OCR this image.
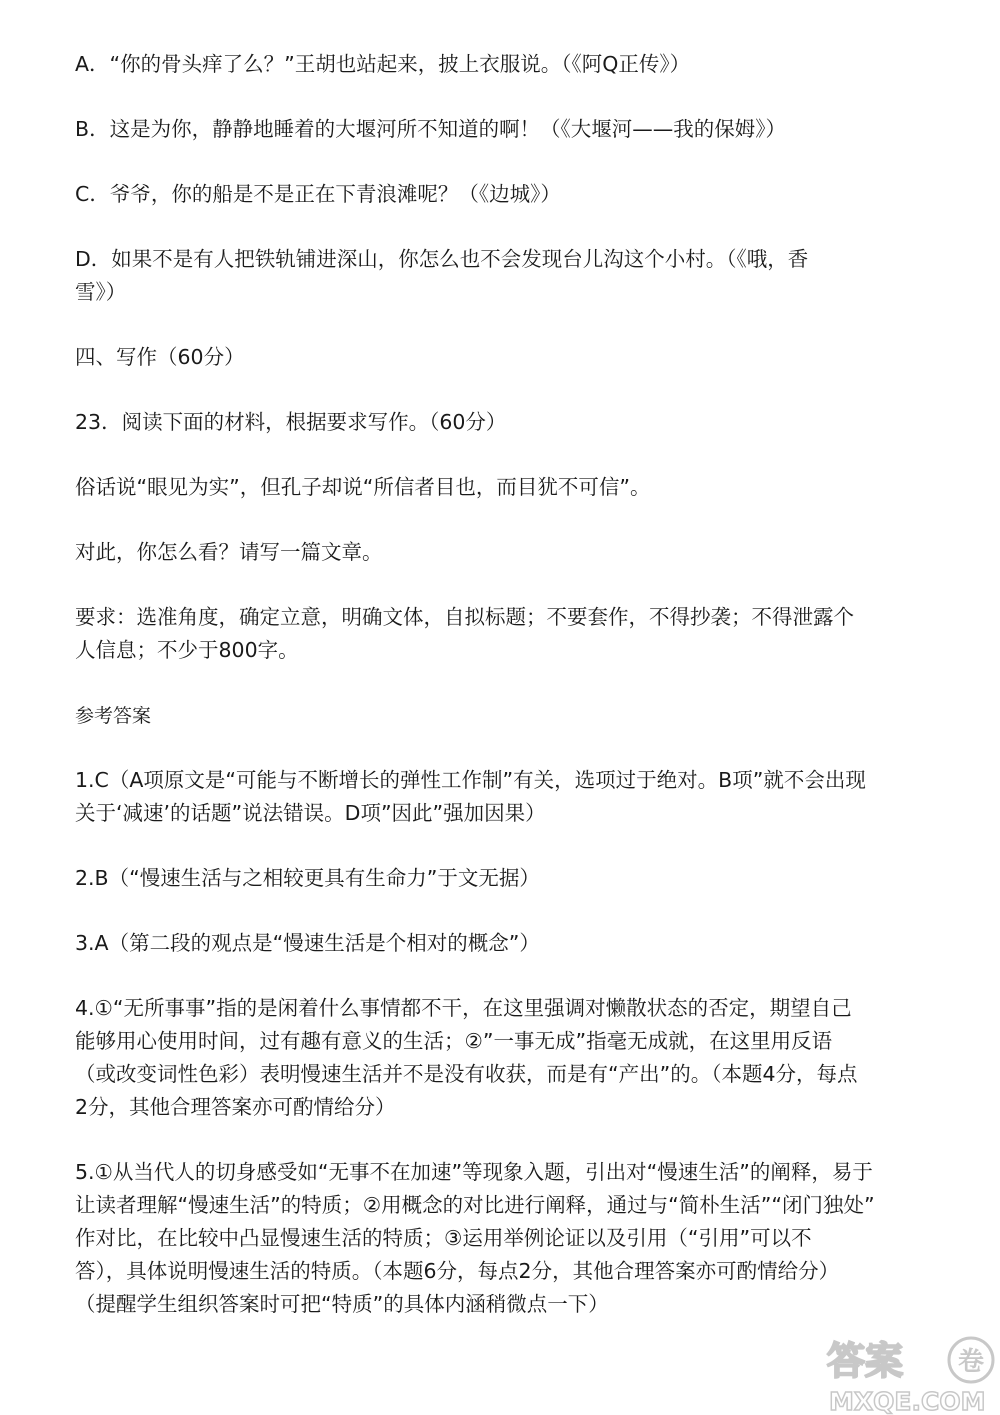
A．“你的骨头痒了么？”王胡也站起来，披上衣服说。（《阿Q正传》）
B．这是为你，静静地睡着的大堰河所不知道的啊！（《大堰河——我的保姆》）
C．爷爷，你的船是不是正在下青浪滩呢？（《边城》）
D．如果不是有人把铁轨铺进深山，你怎么也不会发现台儿沟这个小村。（《哦，香
雪》）
四、写作（60分）
23．阅读下面的材料，根据要求写作。（60分）
俗话说“眼见为实”，但孔子却说“所信者目也，而目犹不可信”。
对此，你怎么看？请写一篇文章。
要求：选准角度，确定立意，明确文体，自拟标题；不要套作，不得抄袭；不得泄露个
人信息；不少于800字。
参考答案
1.C（A项原文是“可能与不断增长的弹性工作制”有关，选项过于绝对。B项”就不会出现
关于‘减速’的话题”说法错误。D项”因此”强加因果）
2.B（“慢速生活与之相较更具有生命力”于文无据）
3.A（第二段的观点是“慢速生活是个相对的概念”）
4.①“无所事事”指的是闲着什么事情都不干，在这里强调对懒散状态的否定，期望自己
能够用心使用时间，过有趣有意义的生活；②”一事无成”指毫无成就，在这里用反语
（或改变词性色彩）表明慢速生活并不是没有收获，而是有“产出”的。（本题4分，每点
2分，其他合理答案亦可酌情给分）
5.①从当代人的切身感受如“无事不在加速”等现象入题，引出对“慢速生活”的阐释，易于
让读者理解“慢速生活”的特质；②用概念的对比进行阐释，通过与“简朴生活”“闭门独处”
作对比，在比较中凸显慢速生活的特质；③运用举例论证以及引用（“引用”可以不
答），具体说明慢速生活的特质。（本题6分，每点2分，其他合理答案亦可酌情给分）
（提醒学生组织答案时可把“特质”的具体内涵稍微点一下）
答案 卷
MXQE.COM
